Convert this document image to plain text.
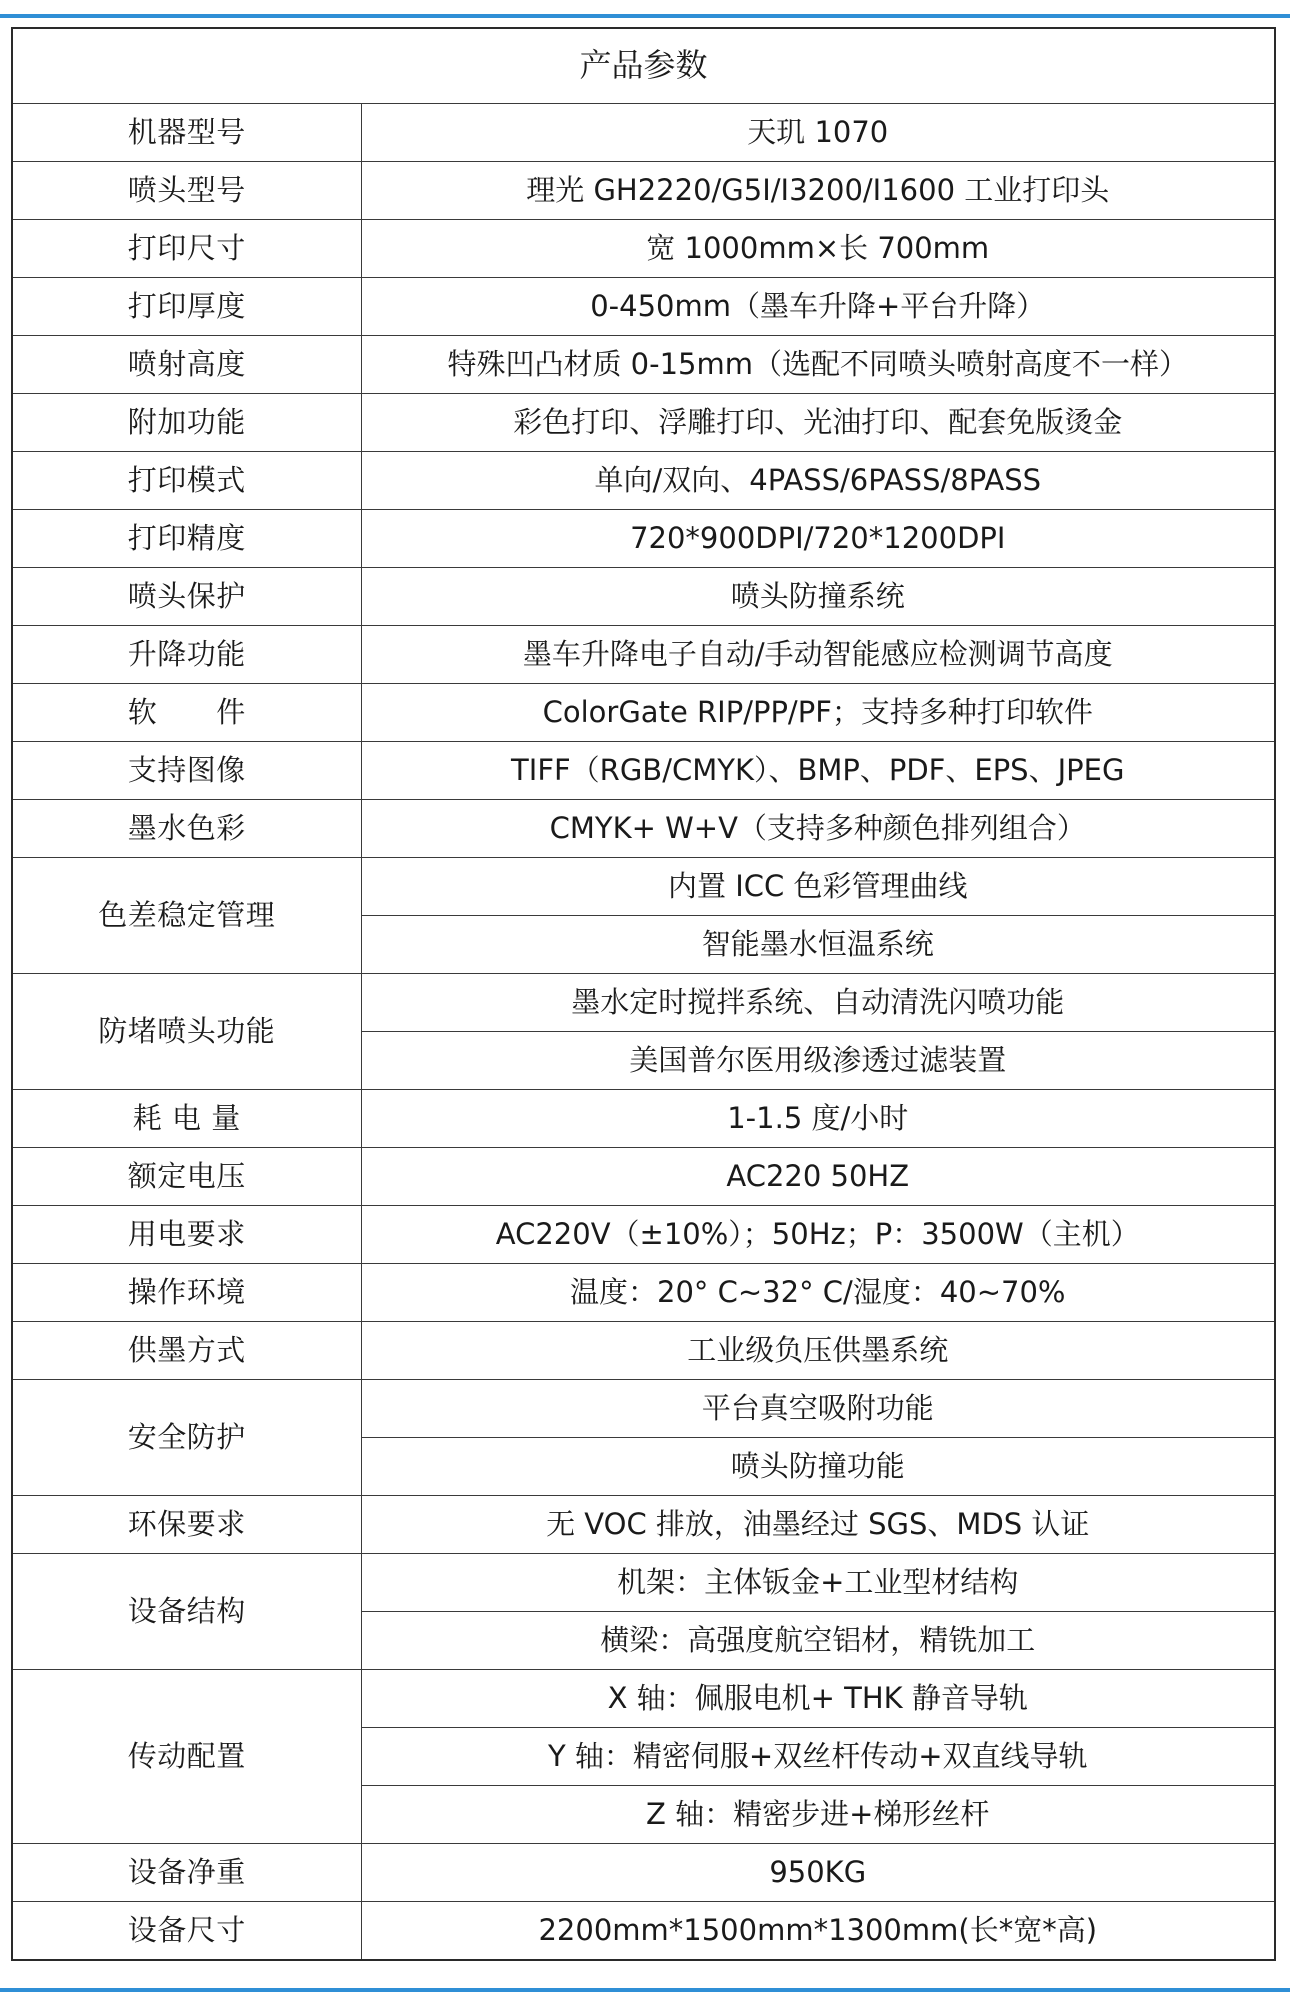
产品参数	
机器型号	天玑 1070
喷头型号	理光 GH2220/G5I/I3200/I1600 工业打印头
打印尺寸	宽 1000mm×长 700mm
打印厚度	0-450mm（墨车升降+平台升降）
喷射高度	特殊凹凸材质 0-15mm（选配不同喷头喷射高度不一样）
附加功能	彩色打印、浮雕打印、光油打印、配套免版烫金
打印模式	单向/双向、4PASS/6PASS/8PASS
打印精度	720*900DPI/720*1200DPI
喷头保护	喷头防撞系统
升降功能	墨车升降电子自动/手动智能感应检测调节高度
软　　件	ColorGate RIP/PP/PF；支持多种打印软件
支持图像	TIFF（RGB/CMYK）、BMP、PDF、EPS、JPEG
墨水色彩	CMYK+ W+V（支持多种颜色排列组合）
色差稳定管理	内置 ICC 色彩管理曲线
	智能墨水恒温系统
防堵喷头功能	墨水定时搅拌系统、自动清洗闪喷功能
	美国普尔医用级渗透过滤装置
耗 电 量	1-1.5 度/小时
额定电压	AC220 50HZ
用电要求	AC220V（±10%）；50Hz；P：3500W（主机）
操作环境	温度：20° C~32° C/湿度：40~70%
供墨方式	工业级负压供墨系统
安全防护	平台真空吸附功能
	喷头防撞功能
环保要求	无 VOC 排放，油墨经过 SGS、MDS 认证
设备结构	机架：主体钣金+工业型材结构
	横梁：高强度航空铝材，精铣加工
传动配置	X 轴：佩服电机+ THK 静音导轨
	Y 轴：精密伺服+双丝杆传动+双直线导轨
	Z 轴：精密步进+梯形丝杆
设备净重	950KG
设备尺寸	2200mm*1500mm*1300mm(长*宽*高)
